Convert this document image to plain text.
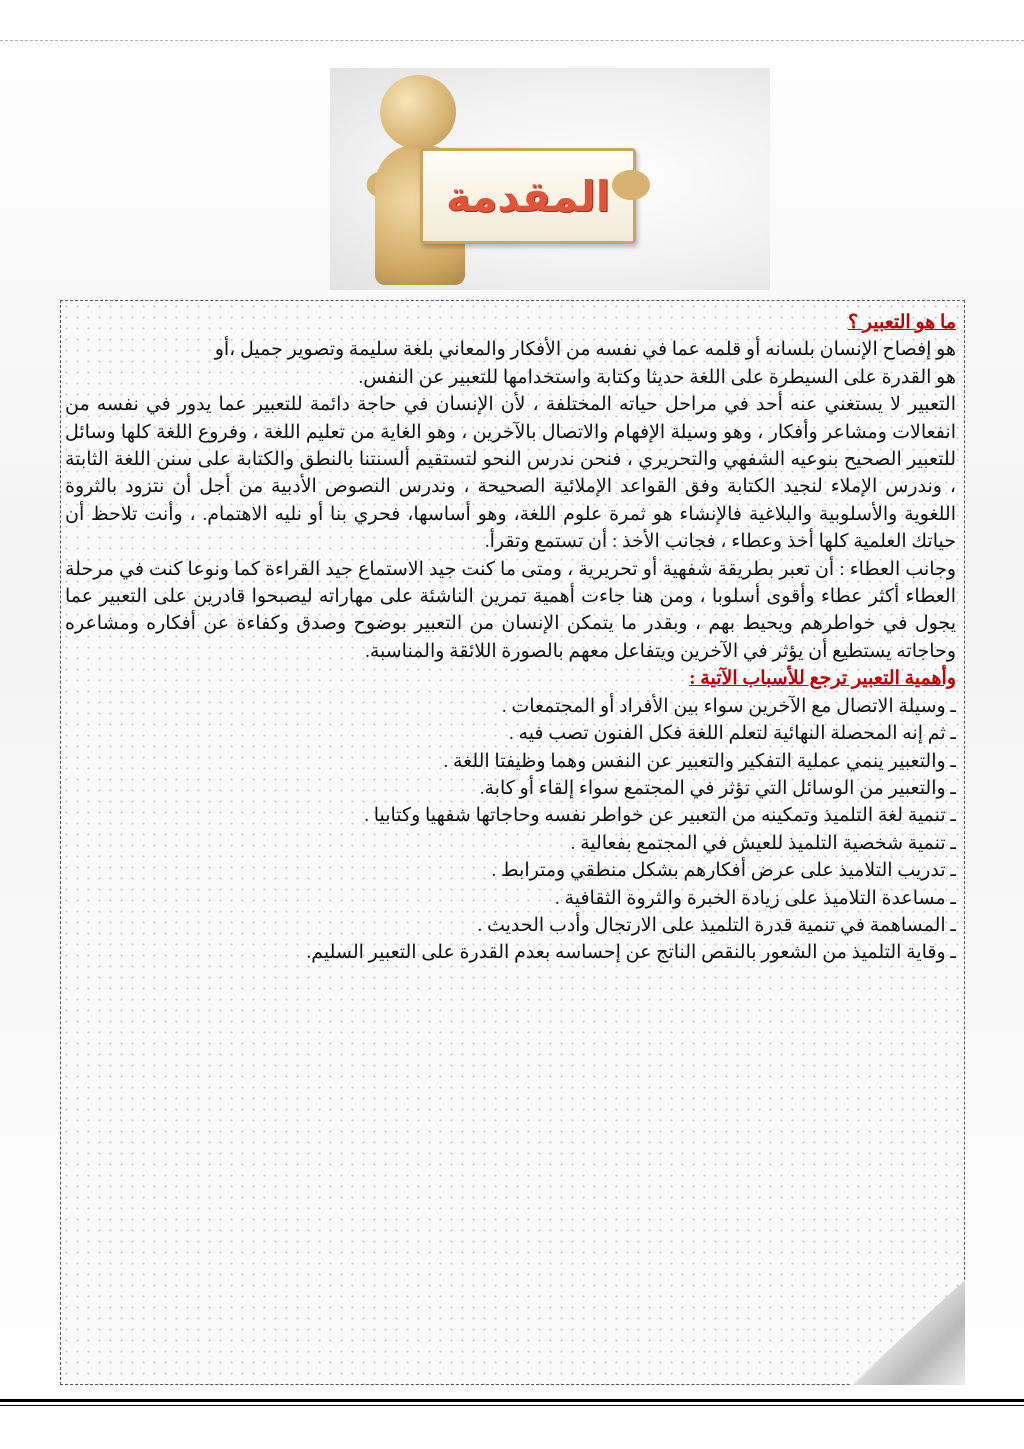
المقدمة

ما هو التعبير ؟

هو إفصاح الإنسان بلسانه أو قلمه عما في نفسه من الأفكار والمعاني بلغة سليمة وتصوير جميل ،أو

هو القدرة على السيطرة على اللغة حديثا وكتابة واستخدامها للتعبير عن النفس.

التعبير لا يستغني عنه أحد في مراحل حياته المختلفة ، لأن الإنسان في حاجة دائمة للتعبير عما يدور في نفسه من انفعالات ومشاعر وأفكار ، وهو وسيلة الإفهام والاتصال بالآخرين ، وهو الغاية من تعليم اللغة ، وفروع اللغة كلها وسائل للتعبير الصحيح بنوعيه الشفهي والتحريري ، فنحن ندرس النحو لتستقيم ألسنتنا بالنطق والكتابة على سنن اللغة الثابتة ، وندرس الإملاء لنجيد الكتابة وفق القواعد الإملائية الصحيحة ، وندرس النصوص الأدبية من أجل أن نتزود بالثروة اللغوية والأسلوبية والبلاغية فالإنشاء هو ثمرة علوم اللغة، وهو أساسها، فحري بنا أو نليه الاهتمام. ، وأنت تلاحظ أن حياتك العلمية كلها أخذ وعطاء ، فجانب الأخذ : أن تستمع وتقرأ.

وجانب العطاء : أن تعبر بطريقة شفهية أو تحريرية ، ومتى ما كنت جيد الاستماع جيد القراءة كما ونوعا كنت في مرحلة العطاء أكثر عطاء وأقوى أسلوبا ، ومن هنا جاءت أهمية تمرين الناشئة على مهاراته ليصبحوا قادرين على التعبير عما يجول في خواطرهم ويحيط بهم ، وبقدر ما يتمكن الإنسان من التعبير بوضوح وصدق وكفاءة عن أفكاره ومشاعره وحاجاته يستطيع أن يؤثر في الآخرين ويتفاعل معهم بالصورة اللائقة والمناسبة.

وأهمية التعبير ترجع للأسباب الآتية :

ـ وسيلة الاتصال مع الآخرين سواء بين الأفراد أو المجتمعات .
ـ ثم إنه المحصلة النهائية لتعلم اللغة فكل الفنون تصب فيه .
ـ والتعبير ينمي عملية التفكير والتعبير عن النفس وهما وظيفتا اللغة .
ـ والتعبير من الوسائل التي تؤثر في المجتمع سواء إلقاء أو كابة.
ـ تنمية لغة التلميذ وتمكينه من التعبير عن خواطر نفسه وحاجاتها شفهيا وكتابيا .
ـ تنمية شخصية التلميذ للعيش في المجتمع بفعالية .
ـ تدريب التلاميذ على عرض أفكارهم بشكل منطقي ومترابط .
ـ مساعدة التلاميذ على زيادة الخبرة والثروة الثقافية .
ـ المساهمة في تنمية قدرة التلميذ على الارتجال وأدب الحديث .
ـ وقاية التلميذ من الشعور بالنقص الناتج عن إحساسه بعدم القدرة على التعبير السليم.
